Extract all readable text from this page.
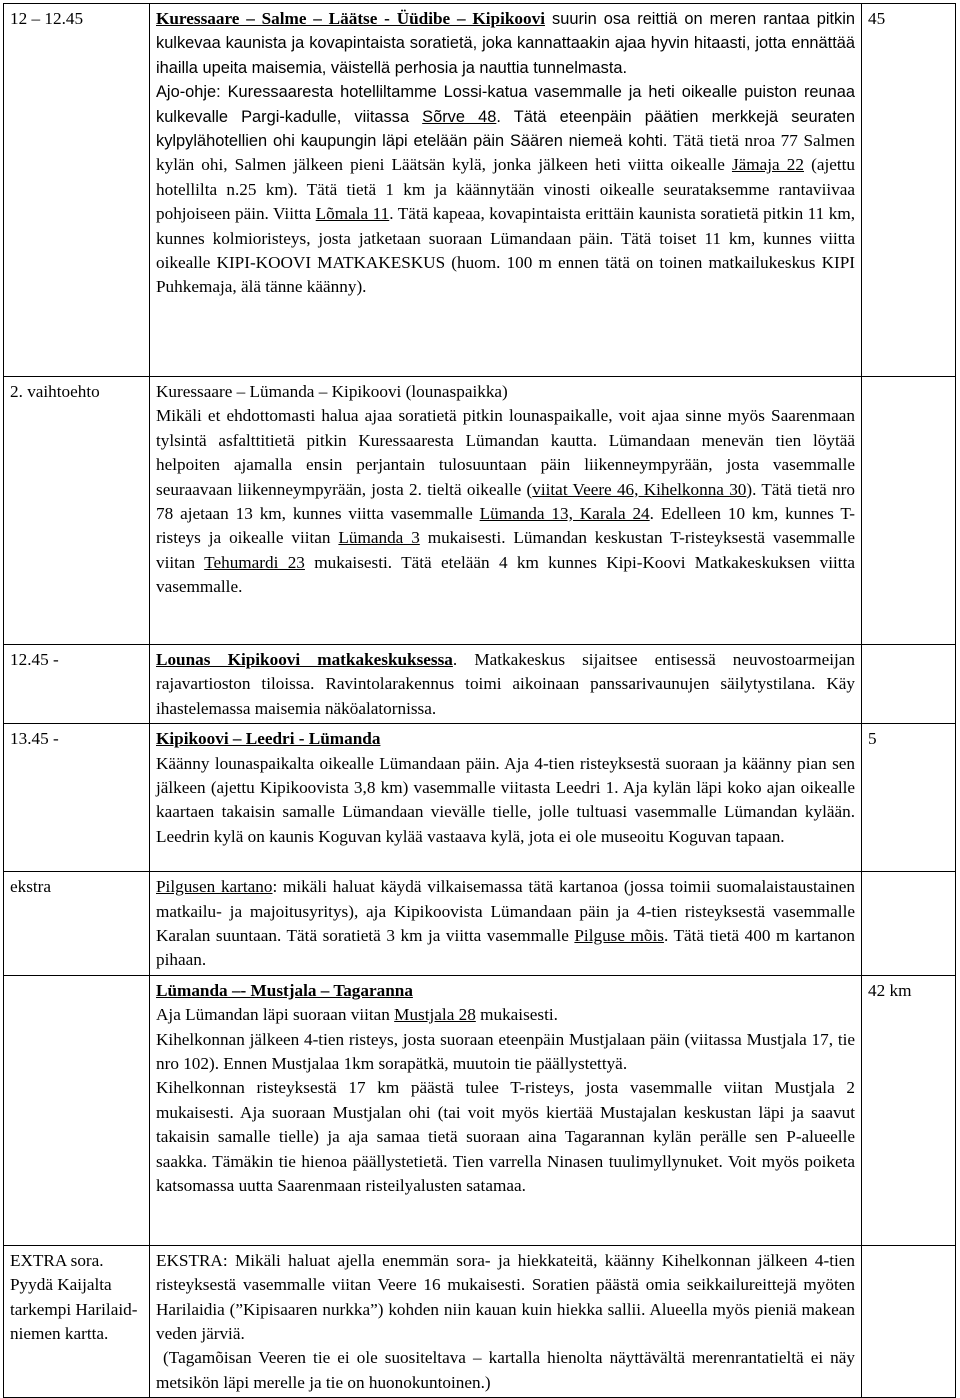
12 – 12.45	Kuressaare – Salme – Läätse - Üüdibe – Kipikoovi suurin osa reittiä on meren rantaa pitkin kulkevaa kaunista ja kovapintaista soratietä, joka kannattaakin ajaa hyvin hitaasti, jotta ennättää ihailla upeita maisemia, väistellä perhosia ja nauttia tunnelmasta.
Ajo-ohje: Kuressaaresta hotelliltamme Lossi-katua vasemmalle ja heti oikealle puiston reunaa kulkevalle Pargi-kadulle, viitassa Sõrve 48. Tätä eteenpäin päätien merkkejä seuraten kylpylähotellien ohi kaupungin läpi etelään päin Säären niemeä kohti. Tätä tietä nroa 77 Salmen kylän ohi, Salmen jälkeen pieni Läätsän kylä, jonka jälkeen heti viitta oikealle Jämaja 22 (ajettu hotellilta n.25 km). Tätä tietä 1 km ja käännytään vinosti oikealle seurataksemme rantaviivaa pohjoiseen päin. Viitta Lõmala 11. Tätä kapeaa, kovapintaista erittäin kaunista soratietä pitkin 11 km, kunnes kolmioristeys, josta jatketaan suoraan Lümandaan päin. Tätä toiset 11 km, kunnes viitta oikealle KIPI-KOOVI MATKAKESKUS (huom. 100 m ennen tätä on toinen matkailukeskus KIPI Puhkemaja, älä tänne käänny).	45
2. vaihtoehto	Kuressaare – Lümanda – Kipikoovi (lounaspaikka)
Mikäli et ehdottomasti halua ajaa soratietä pitkin lounaspaikalle, voit ajaa sinne myös Saarenmaan tylsintä asfalttitietä pitkin Kuressaaresta Lümandan kautta. Lümandaan menevän tien löytää helpoiten ajamalla ensin perjantain tulosuuntaan päin liikenneympyrään, josta vasemmalle seuraavaan liikenneympyrään, josta 2. tieltä oikealle (viitat Veere 46, Kihelkonna 30). Tätä tietä nro 78 ajetaan 13 km, kunnes viitta vasemmalle Lümanda 13, Karala 24. Edelleen 10 km, kunnes T-risteys ja oikealle viitan Lümanda 3 mukaisesti. Lümandan keskustan T-risteyksestä vasemmalle viitan Tehumardi 23 mukaisesti. Tätä etelään 4 km kunnes Kipi-Koovi Matkakeskuksen viitta vasemmalle.	

12.45 -	Lounas Kipikoovi matkakeskuksessa. Matkakeskus sijaitsee entisessä neuvostoarmeijan rajavartioston tiloissa. Ravintolarakennus toimi aikoinaan panssarivaunujen säilytystilana. Käy ihastelemassa maisemia näköalatornissa.	

13.45 -	Kipikoovi – Leedri - Lümanda
Käänny lounaspaikalta oikealle Lümandaan päin. Aja 4-tien risteyksestä suoraan ja käänny pian sen jälkeen (ajettu Kipikoovista 3,8 km) vasemmalle viitasta Leedri 1. Aja kylän läpi koko ajan oikealle kaartaen takaisin samalle Lümandaan vievälle tielle, jolle tultuasi vasemmalle Lümandan kylään. Leedrin kylä on kaunis Koguvan kylää vastaava kylä, jota ei ole museoitu Koguvan tapaan.	5
ekstra	Pilgusen kartano: mikäli haluat käydä vilkaisemassa tätä kartanoa (jossa toimii suomalaistaustainen matkailu- ja majoitusyritys), aja Kipikoovista Lümandaan päin ja 4-tien risteyksestä vasemmalle Karalan suuntaan. Tätä soratietä 3 km ja viitta vasemmalle Pilguse mõis. Tätä tietä 400 m kartanon pihaan.	

	Lümanda –- Mustjala – Tagaranna
Aja Lümandan läpi suoraan viitan Mustjala 28 mukaisesti.
Kihelkonnan jälkeen 4-tien risteys, josta suoraan eteenpäin Mustjalaan päin (viitassa Mustjala 17, tie nro 102). Ennen Mustjalaa 1km sorapätkä, muutoin tie päällystettyä.
Kihelkonnan risteyksestä 17 km päästä tulee T-risteys, josta vasemmalle viitan Mustjala 2 mukaisesti. Aja suoraan Mustjalan ohi (tai voit myös kiertää Mustajalan keskustan läpi ja saavut takaisin samalle tielle) ja aja samaa tietä suoraan aina Tagarannan kylän perälle sen P-alueelle saakka. Tämäkin tie hienoa päällystetietä. Tien varrella Ninasen tuulimyllynuket. Voit myös poiketa katsomassa uutta Saarenmaan risteilyalusten satamaa.	42 km
EXTRA sora. Pyydä Kaijalta tarkempi Harilaid-niemen kartta.	EKSTRA: Mikäli haluat ajella enemmän sora- ja hiekkateitä, käänny Kihelkonnan jälkeen 4-tien risteyksestä vasemmalle viitan Veere 16 mukaisesti. Soratien päästä omia seikkailureittejä myöten Harilaidia (”Kipisaaren nurkka”) kohden niin kauan kuin hiekka sallii. Alueella myös pieniä makean veden järviä.
(Tagamõisan Veeren tie ei ole suositeltava – kartalla hienolta näyttävältä merenrantatieltä ei näy metsikön läpi merelle ja tie on huonokuntoinen.)	
